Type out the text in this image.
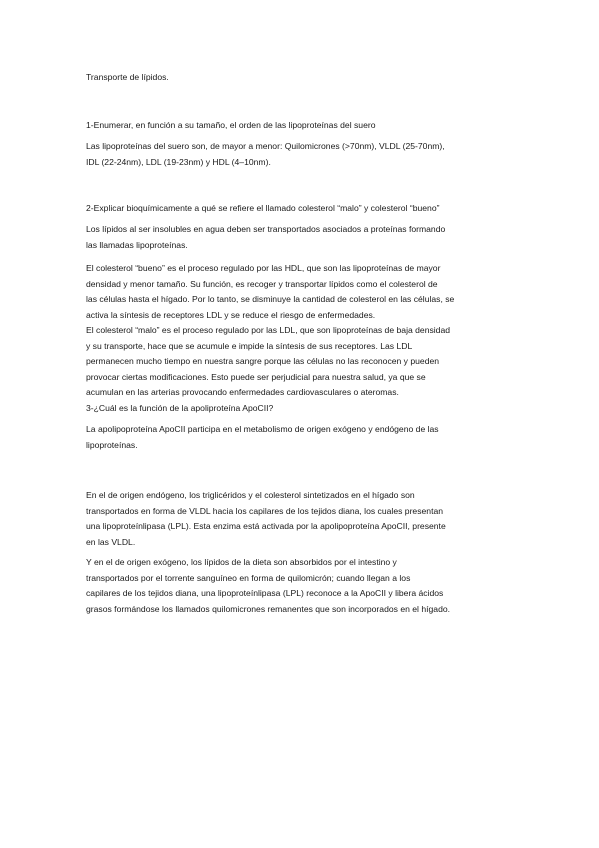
Transporte de lípidos.

1-Enumerar, en función a su tamaño, el orden de las lipoproteínas del suero

Las lipoproteínas del suero son, de mayor a menor: Quilomicrones (>70nm), VLDL (25-70nm),
IDL (22-24nm), LDL (19-23nm) y HDL (4–10nm).

2-Explicar bioquímicamente a qué se refiere el llamado colesterol “malo” y colesterol “bueno”

Los lípidos al ser insolubles en agua deben ser transportados asociados a proteínas formando
las llamadas lipoproteínas.

El colesterol “bueno” es el proceso regulado por las HDL, que son las lipoproteínas de mayor
densidad y menor tamaño. Su función, es recoger y transportar lípidos como el colesterol de
las células hasta el hígado. Por lo tanto, se disminuye la cantidad de colesterol en las células, se
activa la síntesis de receptores LDL y se reduce el riesgo de enfermedades.

El colesterol “malo” es el proceso regulado por las LDL, que son lipoproteínas de baja densidad
y su transporte, hace que se acumule e impide la síntesis de sus receptores. Las LDL
permanecen mucho tiempo en nuestra sangre porque las células no las reconocen y pueden
provocar ciertas modificaciones. Esto puede ser perjudicial para nuestra salud, ya que se
acumulan en las arterias provocando enfermedades cardiovasculares o ateromas.

3-¿Cuál es la función de la apoliproteína ApoCII?

La apolipoproteína ApoCII participa en el metabolismo de origen exógeno y endógeno de las
lipoproteínas.

En el de origen endógeno, los triglicéridos y el colesterol sintetizados en el hígado son
transportados en forma de VLDL hacia los capilares de los tejidos diana, los cuales presentan
una lipoproteínlipasa (LPL). Esta enzima está activada por la apolipoproteína ApoCII, presente
en las VLDL.

Y en el de origen exógeno, los lípidos de la dieta son absorbidos por el intestino y
transportados por el torrente sanguíneo en forma de quilomicrón; cuando llegan a los
capilares de los tejidos diana, una lipoproteínlipasa (LPL) reconoce a la ApoCII y libera ácidos
grasos formándose los llamados quilomicrones remanentes que son incorporados en el hígado.
